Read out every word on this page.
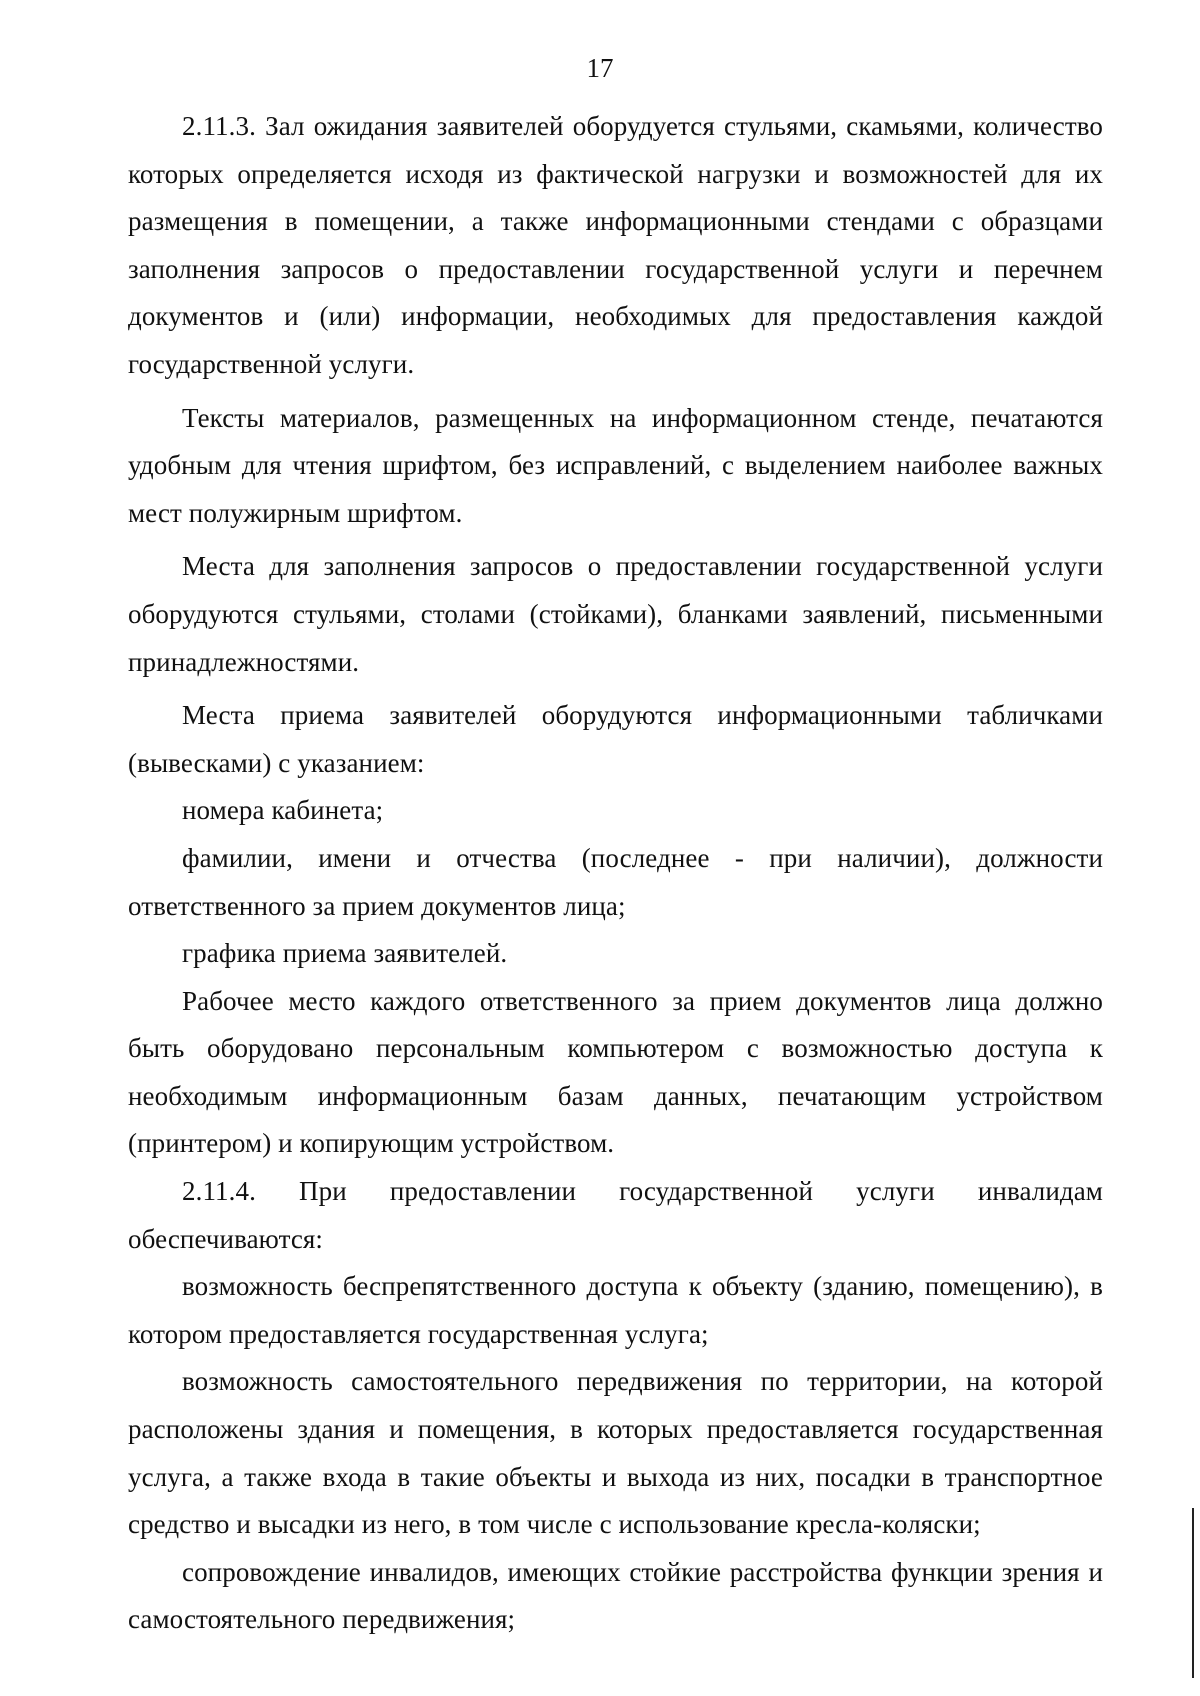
17

2.11.3. Зал ожидания заявителей оборудуется стульями, скамьями, количество которых определяется исходя из фактической нагрузки и возможностей для их размещения в помещении, а также информационными стендами с образцами заполнения запросов о предоставлении государственной услуги и перечнем документов и (или) информации, необходимых для предоставления каждой государственной услуги.

Тексты материалов, размещенных на информационном стенде, печатаются удобным для чтения шрифтом, без исправлений, с выделением наиболее важных мест полужирным шрифтом.

Места для заполнения запросов о предоставлении государственной услуги оборудуются стульями, столами (стойками), бланками заявлений, письменными принадлежностями.

Места приема заявителей оборудуются информационными табличками (вывесками) с указанием:

номера кабинета;

фамилии, имени и отчества (последнее - при наличии), должности ответственного за прием документов лица;

графика приема заявителей.

Рабочее место каждого ответственного за прием документов лица должно быть оборудовано персональным компьютером с возможностью доступа к необходимым информационным базам данных, печатающим устройством (принтером) и копирующим устройством.

2.11.4. При предоставлении государственной услуги инвалидам обеспечиваются:

возможность беспрепятственного доступа к объекту (зданию, помещению), в котором предоставляется государственная услуга;

возможность самостоятельного передвижения по территории, на которой расположены здания и помещения, в которых предоставляется государственная услуга, а также входа в такие объекты и выхода из них, посадки в транспортное средство и высадки из него, в том числе с использование кресла-коляски;

сопровождение инвалидов, имеющих стойкие расстройства функции зрения и самостоятельного передвижения;
